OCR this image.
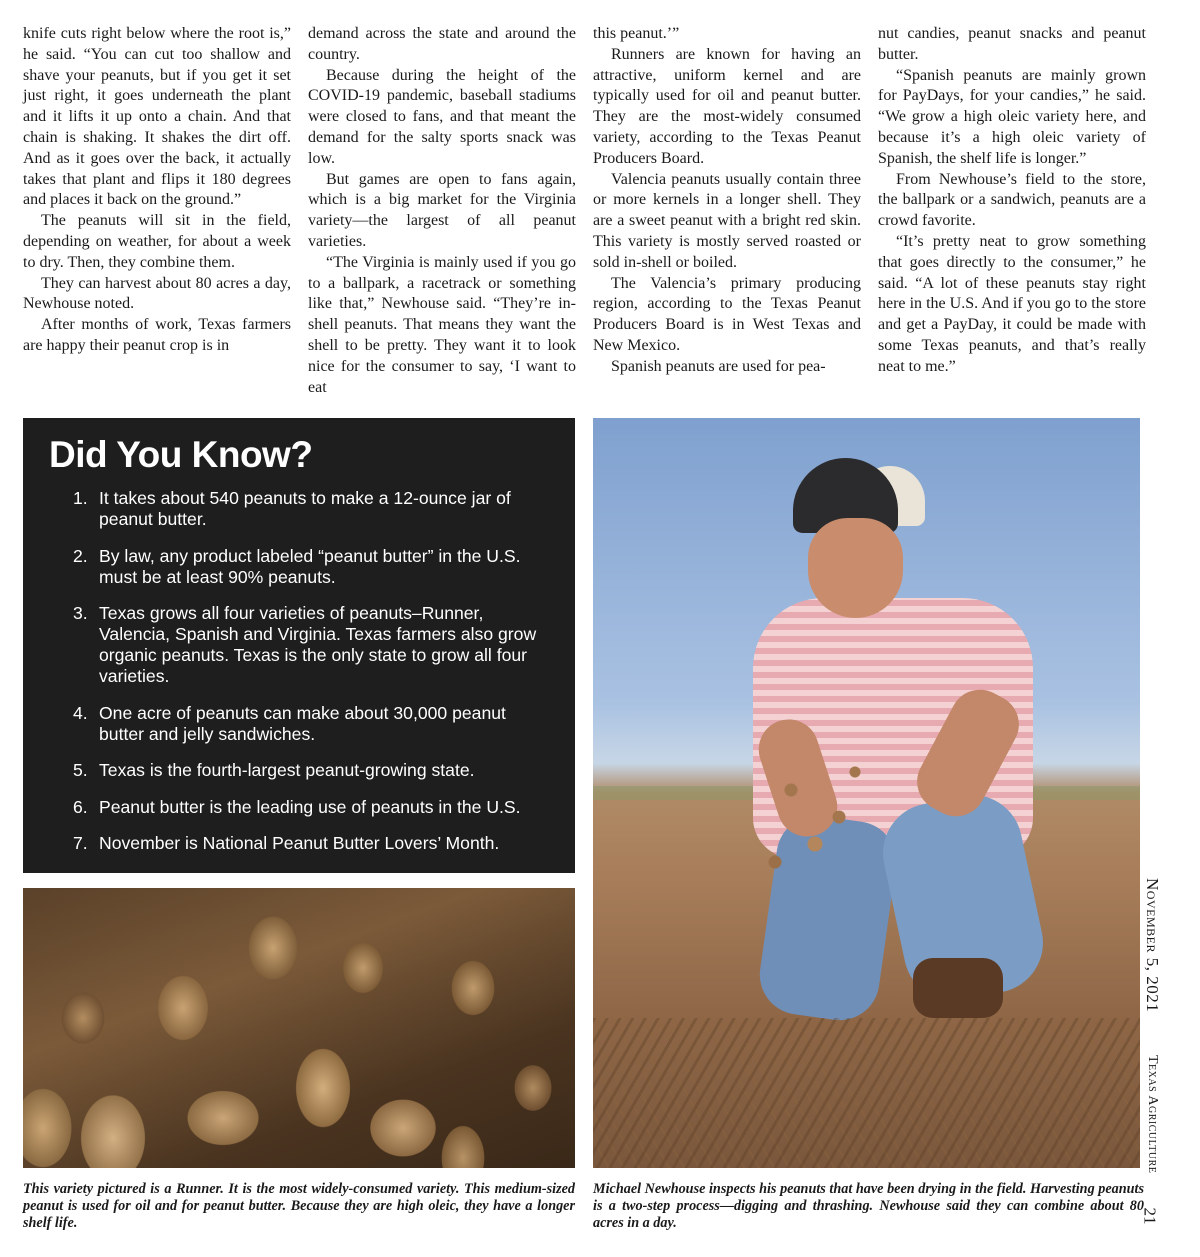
knife cuts right below where the root is,” he said. “You can cut too shallow and shave your peanuts, but if you get it set just right, it goes underneath the plant and it lifts it up onto a chain. And that chain is shaking. It shakes the dirt off. And as it goes over the back, it actually takes that plant and flips it 180 degrees and places it back on the ground.”

The peanuts will sit in the field, depending on weather, for about a week to dry. Then, they combine them.

They can harvest about 80 acres a day, Newhouse noted.

After months of work, Texas farmers are happy their peanut crop is in

demand across the state and around the country.

Because during the height of the COVID-19 pandemic, baseball stadiums were closed to fans, and that meant the demand for the salty sports snack was low.

But games are open to fans again, which is a big market for the Virginia variety—the largest of all peanut varieties.

“The Virginia is mainly used if you go to a ballpark, a racetrack or something like that,” Newhouse said. “They’re in-shell peanuts. That means they want the shell to be pretty. They want it to look nice for the consumer to say, ‘I want to eat

this peanut.’”

Runners are known for having an attractive, uniform kernel and are typically used for oil and peanut butter. They are the most-widely consumed variety, according to the Texas Peanut Producers Board.

Valencia peanuts usually contain three or more kernels in a longer shell. They are a sweet peanut with a bright red skin. This variety is mostly served roasted or sold in-shell or boiled.

The Valencia’s primary producing region, according to the Texas Peanut Producers Board is in West Texas and New Mexico.

Spanish peanuts are used for pea-

nut candies, peanut snacks and peanut butter.

“Spanish peanuts are mainly grown for PayDays, for your candies,” he said. “We grow a high oleic variety here, and because it’s a high oleic variety of Spanish, the shelf life is longer.”

From Newhouse’s field to the store, the ballpark or a sandwich, peanuts are a crowd favorite.

“It’s pretty neat to grow something that goes directly to the consumer,” he said. “A lot of these peanuts stay right here in the U.S. And if you go to the store and get a PayDay, it could be made with some Texas peanuts, and that’s really neat to me.”

Did You Know?
1. It takes about 540 peanuts to make a 12-ounce jar of peanut butter.
2. By law, any product labeled “peanut butter” in the U.S. must be at least 90% peanuts.
3. Texas grows all four varieties of peanuts–Runner, Valencia, Spanish and Virginia. Texas farmers also grow organic peanuts. Texas is the only state to grow all four varieties.
4. One acre of peanuts can make about 30,000 peanut butter and jelly sandwiches.
5. Texas is the fourth-largest peanut-growing state.
6. Peanut butter is the leading use of peanuts in the U.S.
7. November is National Peanut Butter Lovers’ Month.
This variety pictured is a Runner. It is the most widely-consumed variety. This medium-sized peanut is used for oil and for peanut butter. Because they are high oleic, they have a longer shelf life.
Michael Newhouse inspects his peanuts that have been drying in the field. Harvesting peanuts is a two-step process—digging and thrashing. Newhouse said they can combine about 80 acres in a day.
November 5, 2021
Texas Agriculture
21
